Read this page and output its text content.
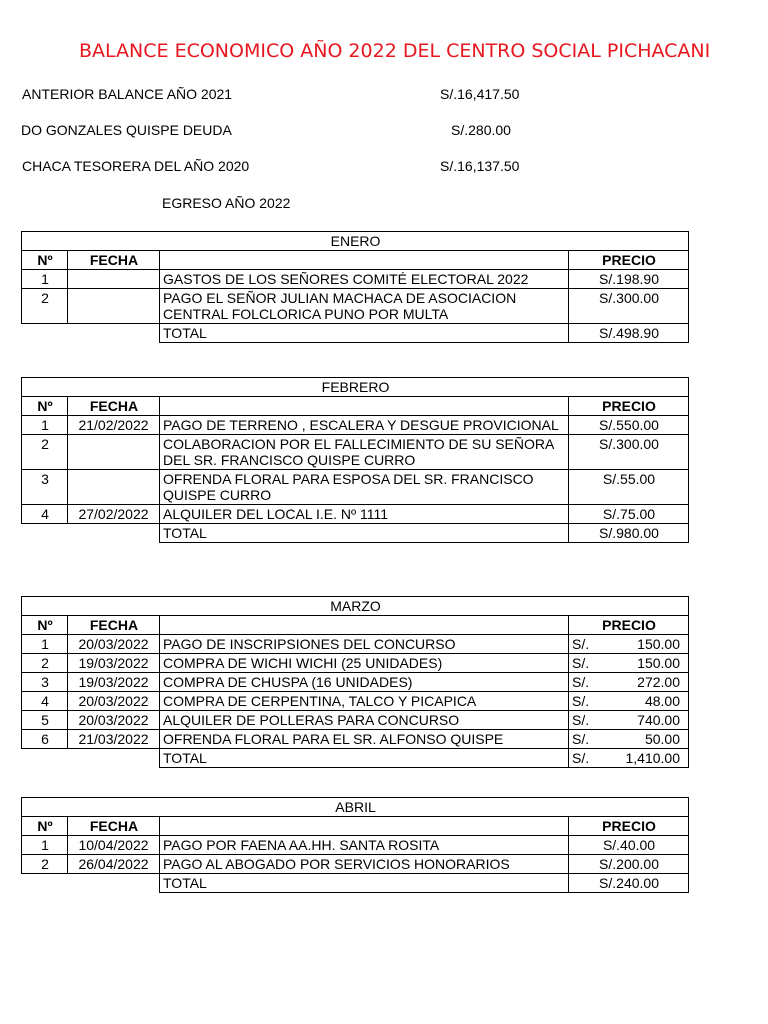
BALANCE ECONOMICO AÑO 2022 DEL CENTRO SOCIAL PICHACANI
ANTERIOR BALANCE AÑO 2021	S/.16,417.50
DO GONZALES QUISPE DEUDA	S/.280.00
CHACA TESORERA DEL AÑO 2020	S/.16,137.50
EGRESO AÑO 2022
ENERO			
Nº	FECHA		PRECIO
1		GASTOS DE LOS SEÑORES COMITÉ ELECTORAL 2022	S/.198.90
2		PAGO EL SEÑOR JULIAN MACHACA DE ASOCIACION CENTRAL FOLCLORICA PUNO POR MULTA	S/.300.00
		TOTAL	S/.498.90
FEBRERO			
Nº	FECHA		PRECIO
1	21/02/2022	PAGO DE TERRENO , ESCALERA Y DESGUE PROVICIONAL	S/.550.00
2		COLABORACION POR EL FALLECIMIENTO DE SU SEÑORA DEL SR. FRANCISCO QUISPE CURRO	S/.300.00
3		OFRENDA FLORAL PARA ESPOSA DEL SR. FRANCISCO QUISPE CURRO	S/.55.00
4	27/02/2022	ALQUILER DEL LOCAL I.E. Nº 1111	S/.75.00
		TOTAL	S/.980.00
MARZO			
Nº	FECHA		PRECIO
1	20/03/2022	PAGO DE INSCRIPSIONES DEL CONCURSO	S/. 150.00

2	19/03/2022	COMPRA DE WICHI WICHI (25 UNIDADES)	S/. 150.00

3	19/03/2022	COMPRA DE CHUSPA (16 UNIDADES)	S/. 272.00

4	20/03/2022	COMPRA DE CERPENTINA, TALCO Y PICAPICA	S/. 48.00

5	20/03/2022	ALQUILER DE POLLERAS PARA CONCURSO	S/. 740.00

6	21/03/2022	OFRENDA FLORAL PARA EL SR. ALFONSO QUISPE	S/. 50.00

		TOTAL	S/. 1,410.00
ABRIL			
Nº	FECHA		PRECIO
1	10/04/2022	PAGO POR FAENA AA.HH. SANTA ROSITA	S/.40.00
2	26/04/2022	PAGO AL ABOGADO POR SERVICIOS HONORARIOS	S/.200.00
		TOTAL	S/.240.00
